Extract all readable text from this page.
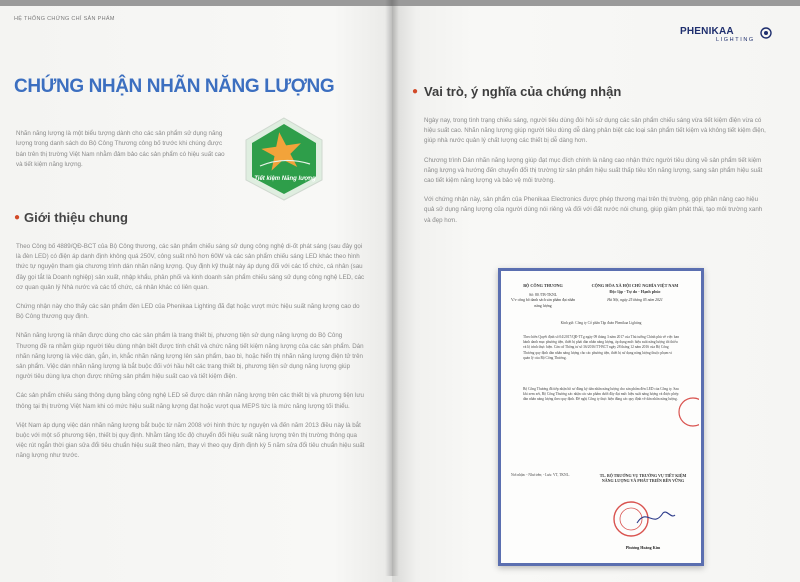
HỆ THỐNG CHỨNG CHỈ SẢN PHẨM
CHỨNG NHẬN NHÃN NĂNG LƯỢNG
Nhãn năng lượng là một biểu tượng dành cho các sản phẩm sử dụng năng lượng trong danh sách do Bộ Công Thương công bố trước khi chúng được bán trên thị trường Việt Nam nhằm đảm bảo các sản phẩm có hiệu suất cao và tiết kiệm năng lượng.
Tiết kiệm Năng lượng
● Giới thiệu chung

Theo Công bố 4889/QĐ-BCT của Bộ Công thương, các sản phẩm chiếu sáng sử dụng công nghệ di-ốt phát sáng (sau đây gọi là đèn LED) có điện áp danh định không quá 250V, công suất nhỏ hơn 60W và các sản phẩm chiếu sáng LED khác theo hình thức tự nguyện tham gia chương trình dán nhãn năng lượng. Quy định kỹ thuật này áp dụng đối với các tổ chức, cá nhân (sau đây gọi tắt là Doanh nghiệp) sản xuất, nhập khẩu, phân phối và kinh doanh sản phẩm chiếu sáng sử dụng công nghệ LED, các cơ quan quản lý Nhà nước và các tổ chức, cá nhân khác có liên quan.

Chứng nhận này cho thấy các sản phẩm đèn LED của Phenikaa Lighting đã đạt hoặc vượt mức hiệu suất năng lượng cao do Bộ Công thương quy định.

Nhãn năng lượng là nhãn được dùng cho các sản phẩm là trang thiết bị, phương tiện sử dụng năng lượng do Bộ Công Thương đề ra nhằm giúp người tiêu dùng nhận biết được tính chất và chức năng tiết kiệm năng lượng của các sản phẩm. Dán nhãn năng lượng là việc dán, gắn, in, khắc nhãn năng lượng lên sản phẩm, bao bì, hoặc hiển thị nhãn năng lượng điện tử trên sản phẩm. Việc dán nhãn năng lượng là bắt buộc đối với hầu hết các trang thiết bị, phương tiện sử dụng năng lượng giúp người tiêu dùng lựa chọn được những sản phẩm hiệu suất cao và tiết kiệm điện.

Các sản phẩm chiếu sáng thông dụng bằng công nghệ LED sẽ được dán nhãn năng lượng trên các thiết bị và phương tiện lưu thông tại thị trường Việt Nam khi có mức hiệu suất năng lượng đạt hoặc vượt qua MEPS tức là mức năng lượng tối thiểu.

Việt Nam áp dụng việc dán nhãn năng lượng bắt buộc từ năm 2008 với hình thức tự nguyện và đến năm 2013 điều này là bắt buộc với một số phương tiện, thiết bị quy định. Nhằm tăng tốc độ chuyển đổi hiệu suất năng lượng trên thị trường thông qua việc rút ngắn thời gian sửa đổi tiêu chuẩn hiệu suất theo năm, thay vì theo quy định định kỳ 5 năm sửa đổi tiêu chuẩn hiệu suất năng lượng như trước.

PHENIKAA
LIGHTING
● Vai trò, ý nghĩa của chứng nhận

Ngày nay, trong tình trạng chiếu sáng, người tiêu dùng đòi hỏi sử dụng các sản phẩm chiếu sáng vừa tiết kiệm điện vừa có hiệu suất cao. Nhãn năng lượng giúp người tiêu dùng dễ dàng phân biệt các loại sản phẩm tiết kiệm và không tiết kiệm điện, giúp nhà nước quản lý chất lượng các thiết bị dễ dàng hơn.

Chương trình Dán nhãn năng lượng giúp đạt mục đích chính là nâng cao nhận thức người tiêu dùng về sản phẩm tiết kiệm năng lượng và hướng đến chuyển đổi thị trường từ sản phẩm hiệu suất thấp tiêu tốn năng lượng, sang sản phẩm hiệu suất cao tiết kiệm năng lượng và bảo vệ môi trường.

Với chứng nhận này, sản phẩm của Phenikaa Electronics được phép thương mại trên thị trường, góp phần nâng cao hiệu quả sử dụng năng lượng của người dùng nói riêng và đối với đất nước nói chung, giúp giảm phát thải, tạo môi trường xanh và đẹp hơn.

BỘ CÔNG THƯƠNG
Số: 80 /TB-TKNL
V/v công bố danh sách sản phẩm đạt nhãn năng lượng
CỘNG HÒA XÃ HỘI CHỦ NGHĨA VIỆT NAM
Độc lập - Tự do - Hạnh phúc
Hà Nội, ngày 25 tháng 05 năm 2021
Kính gửi: Công ty Cổ phần Tập đoàn Phenikaa Lighting
Theo hiến Quyết định số 04/2017/QĐ-TTg ngày 09 tháng 3 năm 2017 của Thủ tướng Chính phủ về việc ban hành danh mục phương tiện, thiết bị phải dán nhãn năng lượng, áp dụng mức hiệu suất năng lượng tối thiểu và lộ trình thực hiện. Căn cứ Thông tư số 36/2016/TT-BCT ngày 28 tháng 12 năm 2016 của Bộ Công Thương quy định dán nhãn năng lượng cho các phương tiện, thiết bị sử dụng năng lượng thuộc phạm vi quản lý của Bộ Công Thương.
Bộ Công Thương đã tiếp nhận hồ sơ đăng ký dán nhãn năng lượng cho sản phẩm đèn LED của Công ty. Sau khi xem xét, Bộ Công Thương xác nhận các sản phẩm dưới đây đạt mức hiệu suất năng lượng và được phép dán nhãn năng lượng theo quy định. Đề nghị Công ty thực hiện đúng các quy định về dán nhãn năng lượng.
Nơi nhận: - Như trên; - Lưu: VT, TKNL.	TL. BỘ TRƯỞNG VỤ TRƯỞNG VỤ TIẾT KIỆM NĂNG LƯỢNG VÀ PHÁT TRIỂN BỀN VỮNG
Phương Hoàng Kim
